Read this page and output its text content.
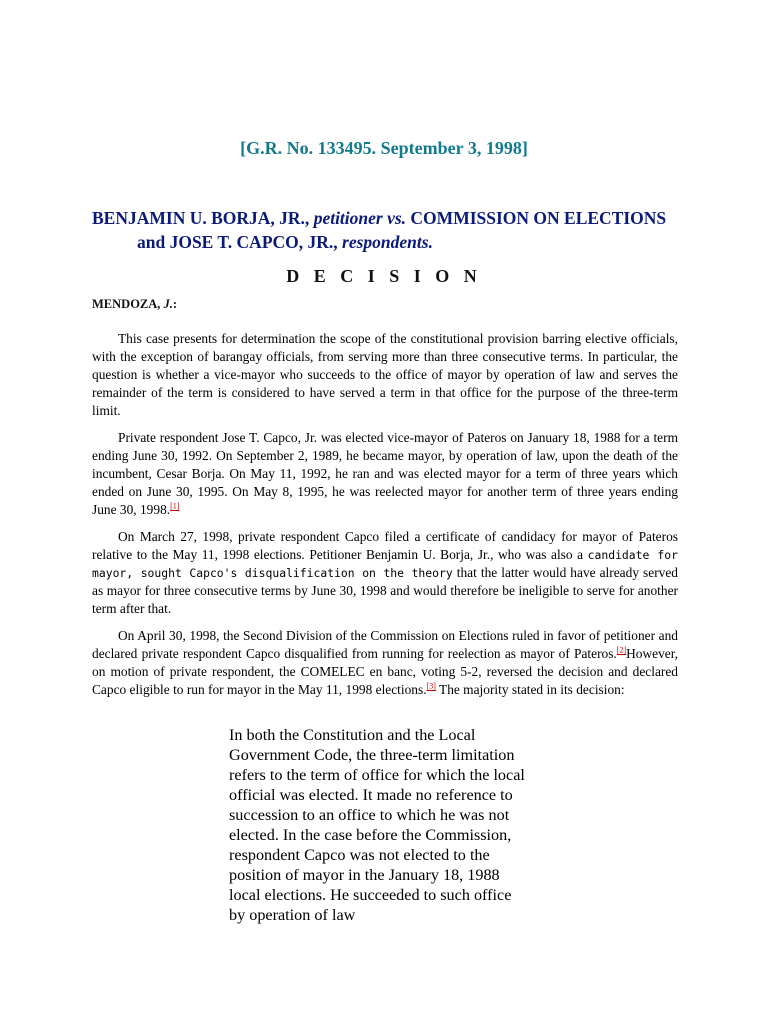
[G.R. No. 133495. September 3, 1998]
BENJAMIN U. BORJA, JR., petitioner vs. COMMISSION ON ELECTIONS
and JOSE T. CAPCO, JR., respondents.
D E C I S I O N
MENDOZA, J.:

This case presents for determination the scope of the constitutional provision barring elective officials, with the exception of barangay officials, from serving more than three consecutive terms. In particular, the question is whether a vice-mayor who succeeds to the office of mayor by operation of law and serves the remainder of the term is considered to have served a term in that office for the purpose of the three-term limit.

Private respondent Jose T. Capco, Jr. was elected vice-mayor of Pateros on January 18, 1988 for a term ending June 30, 1992. On September 2, 1989, he became mayor, by operation of law, upon the death of the incumbent, Cesar Borja. On May 11, 1992, he ran and was elected mayor for a term of three years which ended on June 30, 1995. On May 8, 1995, he was reelected mayor for another term of three years ending June 30, 1998.[1]

On March 27, 1998, private respondent Capco filed a certificate of candidacy for mayor of Pateros relative to the May 11, 1998 elections. Petitioner Benjamin U. Borja, Jr., who was also a candidate for mayor, sought Capco's disqualification on the theory that the latter would have already served as mayor for three consecutive terms by June 30, 1998 and would therefore be ineligible to serve for another term after that.

On April 30, 1998, the Second Division of the Commission on Elections ruled in favor of petitioner and declared private respondent Capco disqualified from running for reelection as mayor of Pateros.[2]However, on motion of private respondent, the COMELEC en banc, voting 5-2, reversed the decision and declared Capco eligible to run for mayor in the May 11, 1998 elections.[3] The majority stated in its decision:

In both the Constitution and the Local Government Code, the three-term limitation refers to the term of office for which the local official was elected. It made no reference to succession to an office to which he was not elected. In the case before the Commission, respondent Capco was not elected to the position of mayor in the January 18, 1988 local elections. He succeeded to such office by operation of law
